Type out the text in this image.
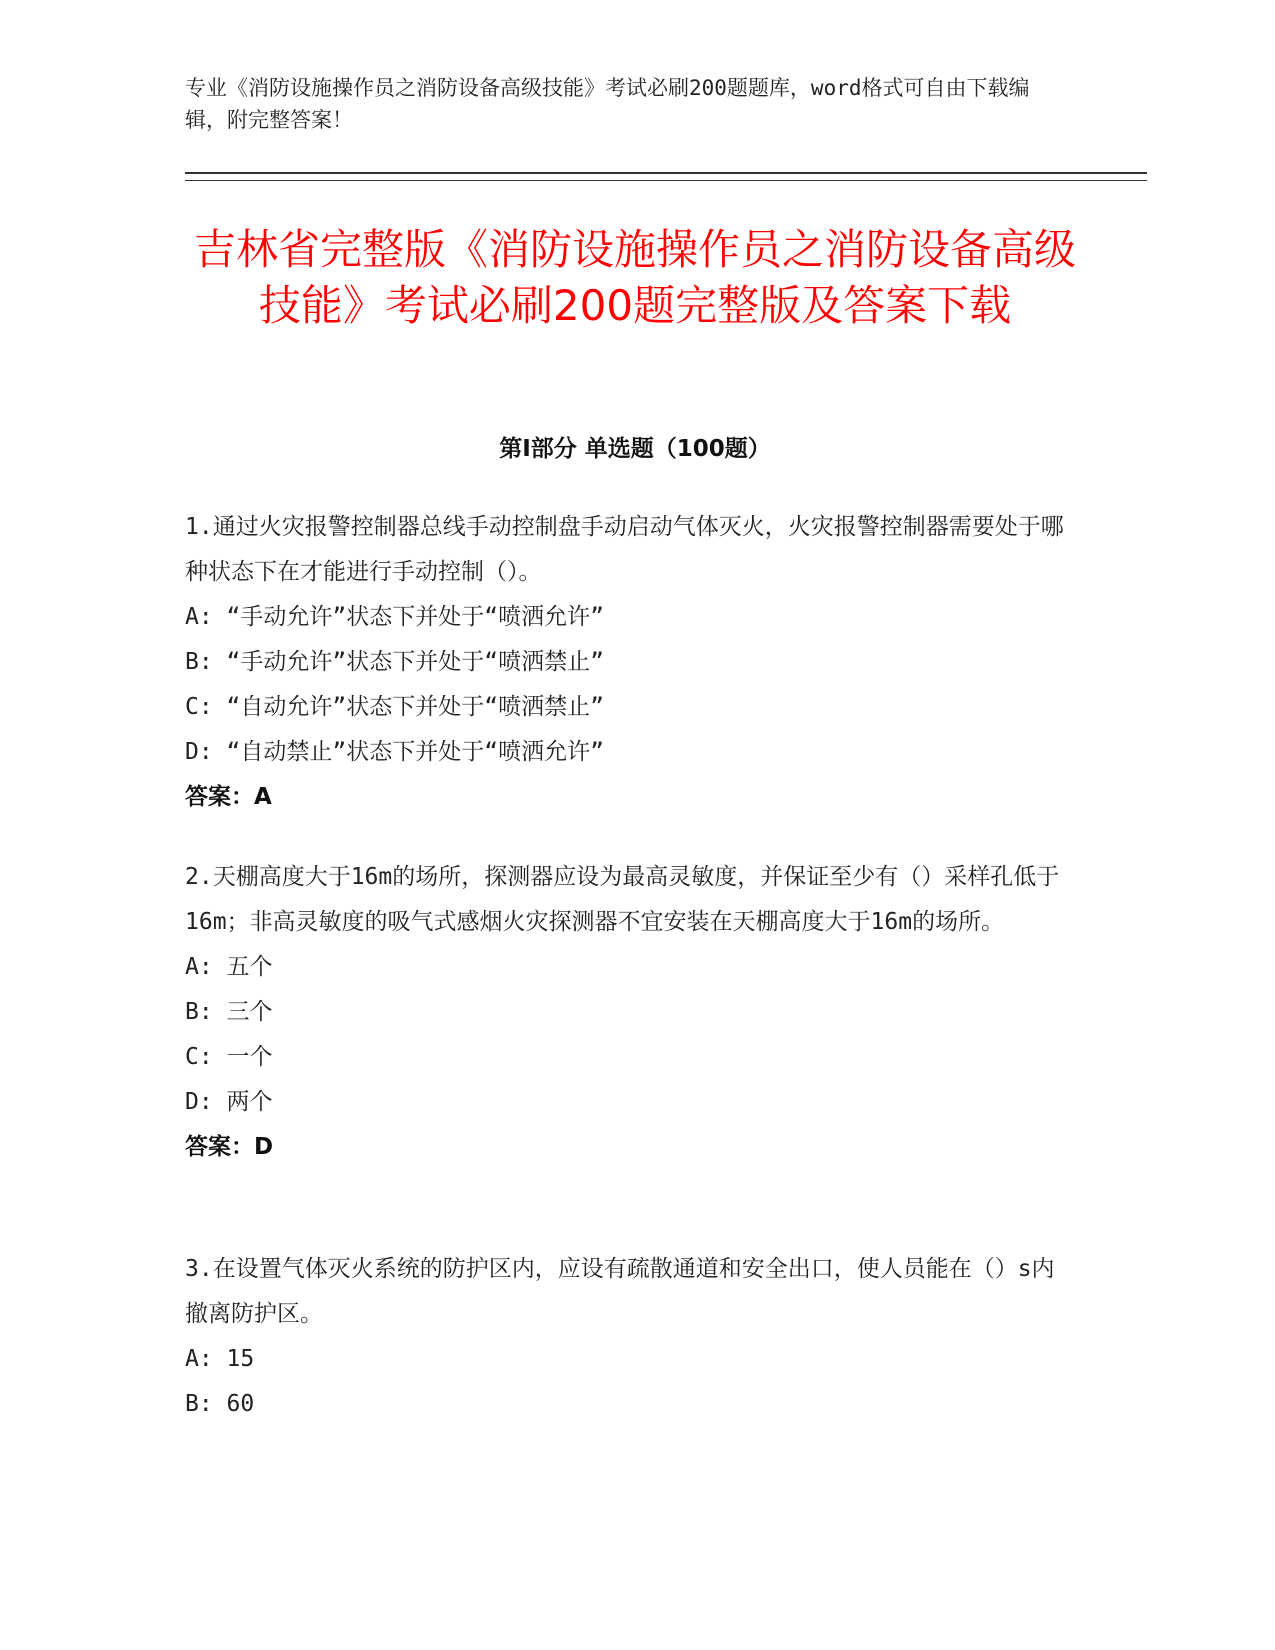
专业《消防设施操作员之消防设备高级技能》考试必刷200题题库，word格式可自由下载编辑，附完整答案！
吉林省完整版《消防设施操作员之消防设备高级技能》考试必刷200题完整版及答案下载
第I部分 单选题（100题）

1.通过火灾报警控制器总线手动控制盘手动启动气体灭火，火灾报警控制器需要处于哪种状态下在才能进行手动控制（）。

A: “手动允许”状态下并处于“喷洒允许”

B: “手动允许”状态下并处于“喷洒禁止”

C: “自动允许”状态下并处于“喷洒禁止”

D: “自动禁止”状态下并处于“喷洒允许”

答案：A

2.天棚高度大于16m的场所，探测器应设为最高灵敏度，并保证至少有（）采样孔低于16m；非高灵敏度的吸气式感烟火灾探测器不宜安装在天棚高度大于16m的场所。

A: 五个

B: 三个

C: 一个

D: 两个

答案：D

3.在设置气体灭火系统的防护区内，应设有疏散通道和安全出口，使人员能在（）s内撤离防护区。

A: 15

B: 60
